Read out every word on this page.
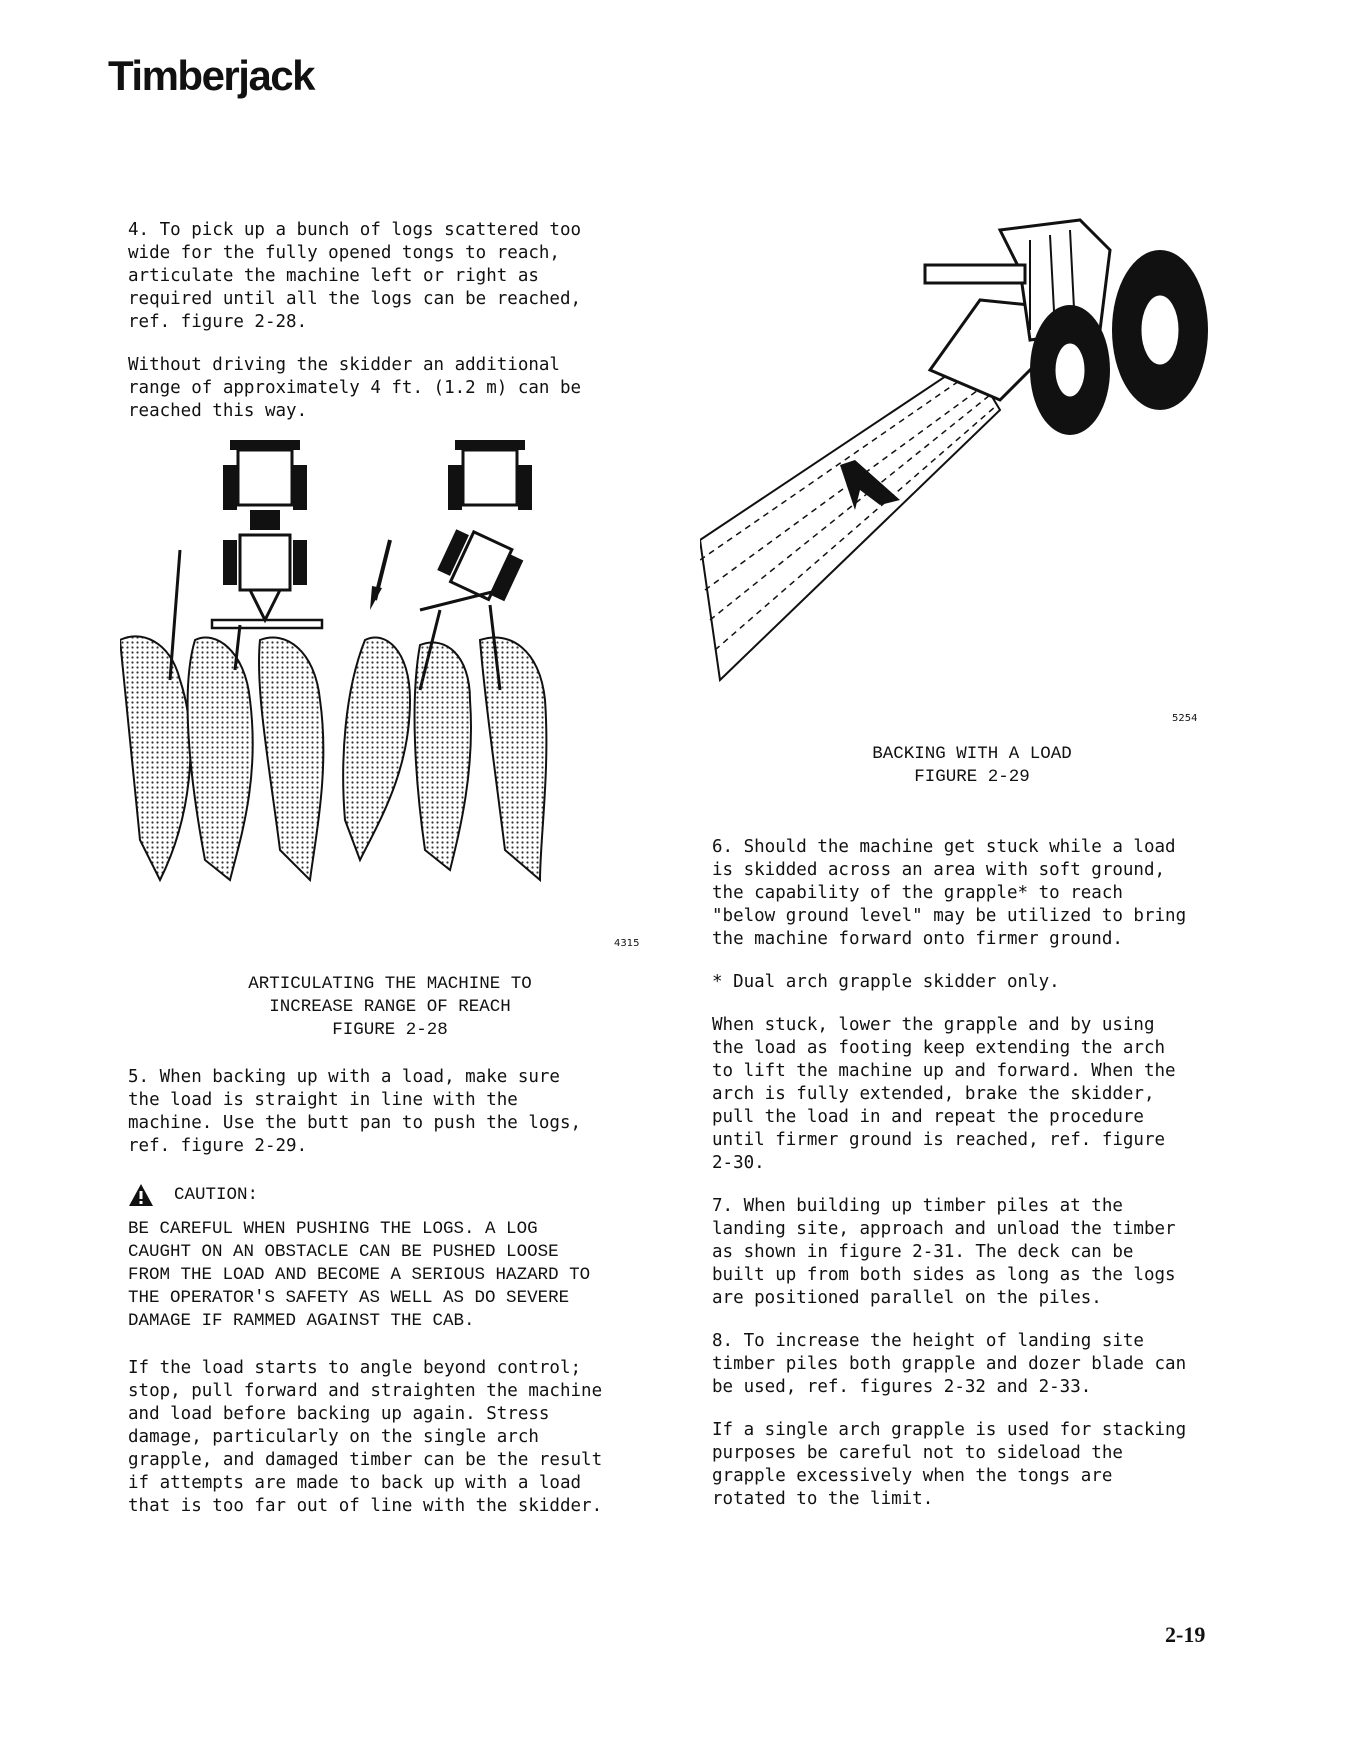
Timberjack

4. To pick up a bunch of logs scattered too
wide for the fully opened tongs to reach,
articulate the machine left or right as
required until all the logs can be reached,
ref. figure 2-28.

Without driving the skidder an additional
range of approximately 4 ft. (1.2 m) can be
reached this way.

4315
ARTICULATING THE MACHINE TO
INCREASE RANGE OF REACH
FIGURE 2-28

5. When backing up with a load, make sure
the load is straight in line with the
machine. Use the butt pan to push the logs,
ref. figure 2-29.

CAUTION:
BE CAREFUL WHEN PUSHING THE LOGS. A LOG
CAUGHT ON AN OBSTACLE CAN BE PUSHED LOOSE
FROM THE LOAD AND BECOME A SERIOUS HAZARD TO
THE OPERATOR'S SAFETY AS WELL AS DO SEVERE
DAMAGE IF RAMMED AGAINST THE CAB.
If the load starts to angle beyond control;
stop, pull forward and straighten the machine
and load before backing up again. Stress
damage, particularly on the single arch
grapple, and damaged timber can be the result
if attempts are made to back up with a load
that is too far out of line with the skidder.
5254
BACKING WITH A LOAD
FIGURE 2-29

6. Should the machine get stuck while a load
is skidded across an area with soft ground,
the capability of the grapple* to reach
"below ground level" may be utilized to bring
the machine forward onto firmer ground.

* Dual arch grapple skidder only.

When stuck, lower the grapple and by using
the load as footing keep extending the arch
to lift the machine up and forward. When the
arch is fully extended, brake the skidder,
pull the load in and repeat the procedure
until firmer ground is reached, ref. figure
2-30.

7. When building up timber piles at the
landing site, approach and unload the timber
as shown in figure 2-31. The deck can be
built up from both sides as long as the logs
are positioned parallel on the piles.

8. To increase the height of landing site
timber piles both grapple and dozer blade can
be used, ref. figures 2-32 and 2-33.

If a single arch grapple is used for stacking
purposes be careful not to sideload the
grapple excessively when the tongs are
rotated to the limit.

2-19
